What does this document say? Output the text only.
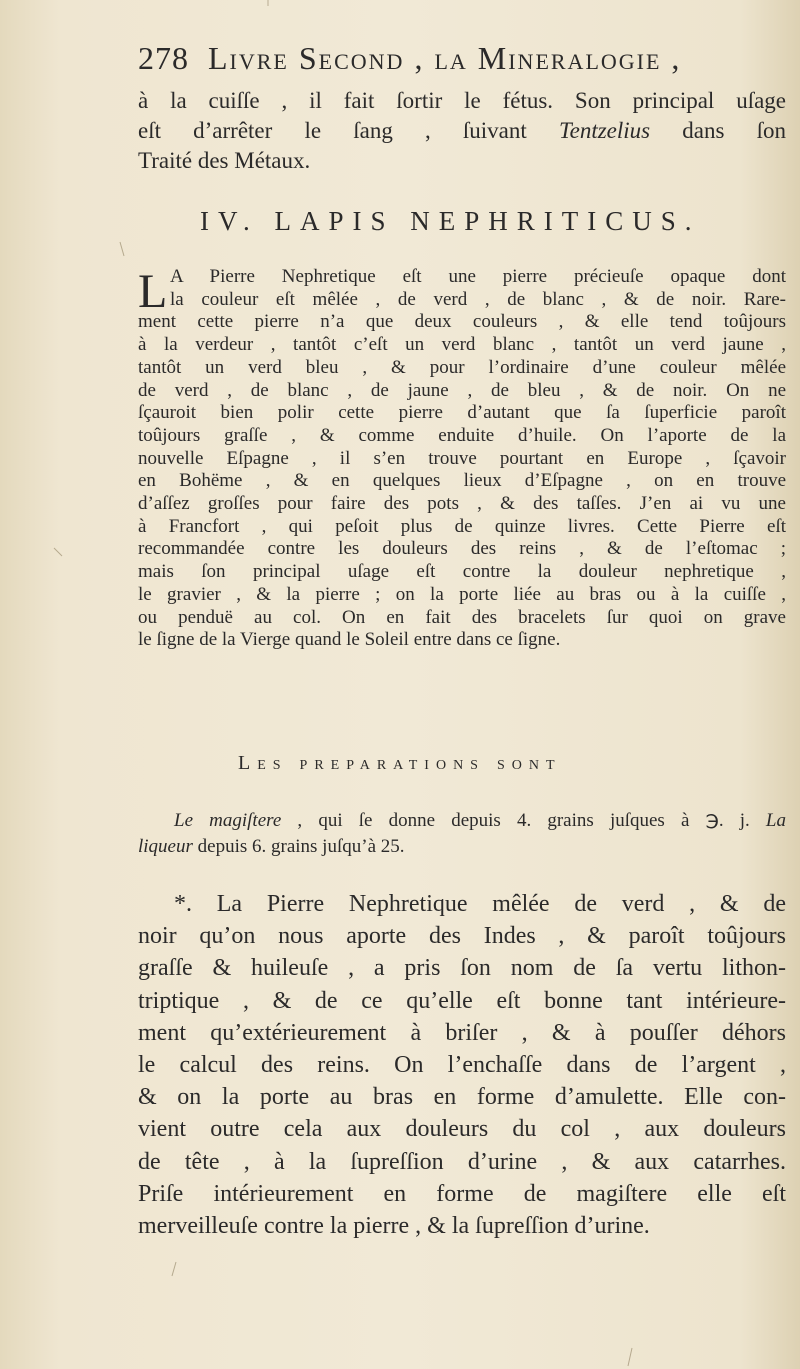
278 Livre Second , la Mineralogie ,
à la cuiſſe , il fait ſortir le fétus. Son principal uſage
eſt d’arrêter le ſang , ſuivant Tentzelius dans ſon
Traité des Métaux.
IV. LAPIS NEPHRITICUS.
L A Pierre Nephretique eſt une pierre précieuſe opaque dont
la couleur eſt mêlée , de verd , de blanc , & de noir. Rare-
ment cette pierre n’a que deux couleurs , & elle tend toûjours
à la verdeur , tantôt c’eſt un verd blanc , tantôt un verd jaune ,
tantôt un verd bleu , & pour l’ordinaire d’une couleur mêlée
de verd , de blanc , de jaune , de bleu , & de noir. On ne
ſçauroit bien polir cette pierre d’autant que ſa ſuperficie paroît
toûjours graſſe , & comme enduite d’huile. On l’aporte de la
nouvelle Eſpagne , il s’en trouve pourtant en Europe , ſçavoir
en Bohëme , & en quelques lieux d’Eſpagne , on en trouve
d’aſſez groſſes pour faire des pots , & des taſſes. J’en ai vu une
à Francfort , qui peſoit plus de quinze livres. Cette Pierre eſt
recommandée contre les douleurs des reins , & de l’eſtomac ;
mais ſon principal uſage eſt contre la douleur nephretique ,
le gravier , & la pierre ; on la porte liée au bras ou à la cuiſſe ,
ou penduë au col. On en fait des bracelets ſur quoi on grave
le ſigne de la Vierge quand le Soleil entre dans ce ſigne.
Les preparations sont
Le magiſtere , qui ſe donne depuis 4. grains juſques à ℈. j. La
liqueur depuis 6. grains juſqu’à 25.
*. La Pierre Nephretique mêlée de verd , & de
noir qu’on nous aporte des Indes , & paroît toûjours
graſſe & huileuſe , a pris ſon nom de ſa vertu lithon-
triptique , & de ce qu’elle eſt bonne tant intérieure-
ment qu’extérieurement à briſer , & à pouſſer déhors
le calcul des reins. On l’enchaſſe dans de l’argent ,
& on la porte au bras en forme d’amulette. Elle con-
vient outre cela aux douleurs du col , aux douleurs
de tête , à la ſupreſſion d’urine , & aux catarrhes.
Priſe intérieurement en forme de magiſtere elle eſt
merveilleuſe contre la pierre , & la ſupreſſion d’urine.
